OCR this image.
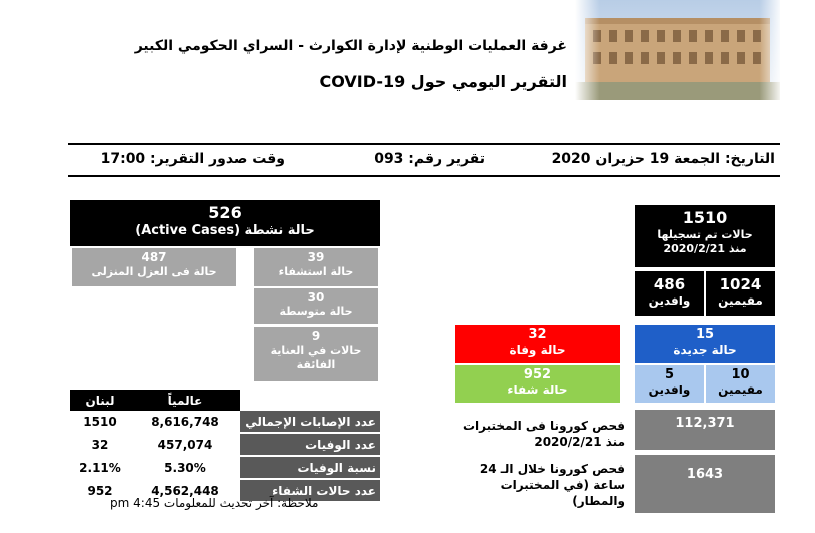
غرفة العمليات الوطنية لإدارة الكوارث - السراي الحكومي الكبير
التقرير اليومي حول COVID-19
التاريخ: الجمعة 19 حزيران 2020
تقرير رقم: 093
وقت صدور التقرير: 17:00
1510
حالات تم تسجيلها
منذ 2020/2/21
1024
مقيمين
486
وافدين
15
حالة جديدة
10
مقيمين
5
وافدين
112,371
فحص كورونا فى المختبرات
منذ 2020/2/21
1643
فحص كورونا خلال الـ 24
ساعة (في المختبرات
والمطار)
32
حالة وفاة
952
حالة شفاء
526
حالة نشطة (Active Cases)
487
حالة فى العزل المنزلى
39
حالة استشفاء
30
حالة متوسطة
9
حالات في العناية
الفائقة
لبنان	عالمياً	
1510	8,616,748	عدد الإصابات الإجمالي
32	457,074	عدد الوفيات
2.11%	5.30%	نسبة الوفيات
952	4,562,448	عدد حالات الشفاء
ملاحظة: آخر تحديث للمعلومات 4:45 pm
